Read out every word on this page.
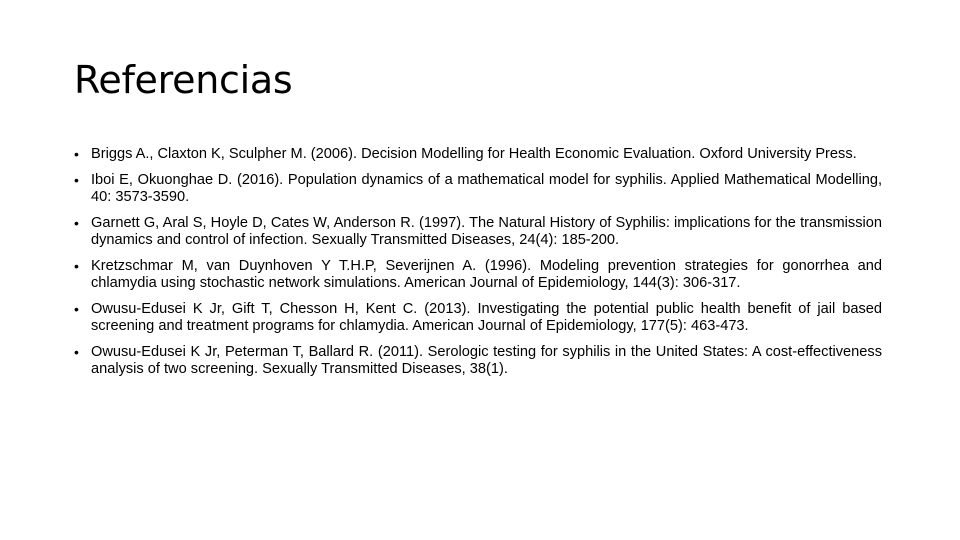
Referencias
• Briggs A., Claxton K, Sculpher M. (2006). Decision Modelling for Health Economic Evaluation. Oxford University Press.
• Iboi E, Okuonghae D. (2016). Population dynamics of a mathematical model for syphilis. Applied Mathematical Modelling, 40: 3573-3590.
• Garnett G, Aral S, Hoyle D, Cates W, Anderson R. (1997). The Natural History of Syphilis: implications for the transmission dynamics and control of infection. Sexually Transmitted Diseases, 24(4): 185-200.
• Kretzschmar M, van Duynhoven Y T.H.P, Severijnen A. (1996). Modeling prevention strategies for gonorrhea and chlamydia using stochastic network simulations. American Journal of Epidemiology, 144(3): 306-317.
• Owusu-Edusei K Jr, Gift T, Chesson H, Kent C. (2013). Investigating the potential public health benefit of jail based screening and treatment programs for chlamydia. American Journal of Epidemiology, 177(5): 463-473.
• Owusu-Edusei K Jr, Peterman T, Ballard R. (2011). Serologic testing for syphilis in the United States: A cost-effectiveness analysis of two screening. Sexually Transmitted Diseases, 38(1).
